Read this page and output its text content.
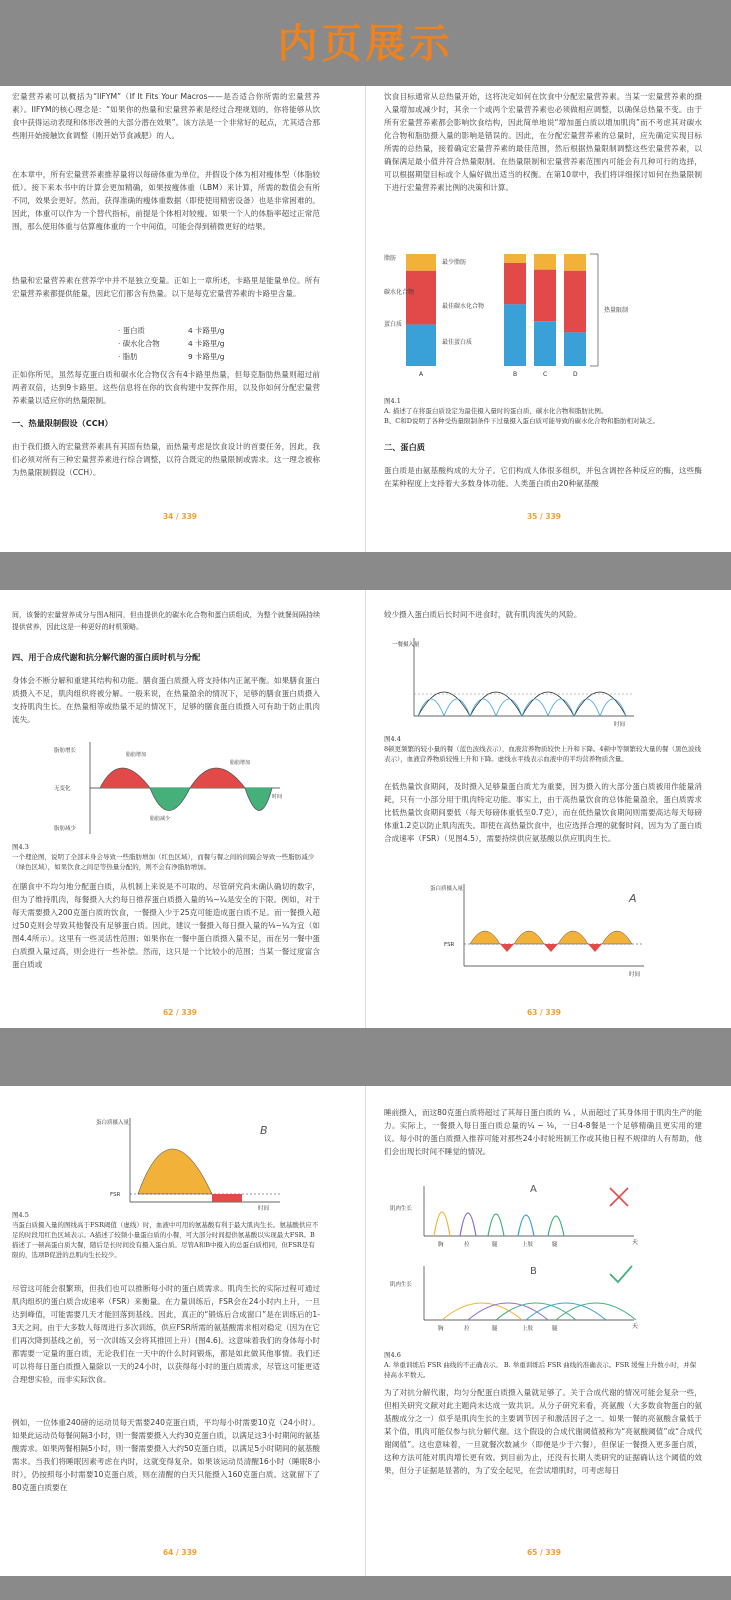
内页展示
宏量营养素可以概括为“IIFYM”（If It Fits Your Macros——是否适合你所需的宏量营养素）。IIFYM的核心理念是：“如果你的热量和宏量营养素是经过合理规划的，你将能够从饮食中获得运动表现和体形改善的大部分潜在效果”。该方法是一个非常好的起点，尤其适合那些刚开始接触饮食调整（刚开始节食减肥）的人。
在本章中，所有宏量营养素推荐量将以每磅体重为单位，并假设个体为相对瘦体型（体脂较低）。接下来本书中的计算会更加精确，如果按瘦体重（LBM）来计算，所需的数值会有所不同，效果会更好。然而，获得准确的瘦体重数据（即使使用精密设备）也是非常困难的。因此，体重可以作为一个替代指标，前提是个体相对较瘦。如果一个人的体脂率超过正常范围，那么使用体重与估算瘦体重的一个中间值，可能会得到稍微更好的结果。
热量和宏量营养素在营养学中并不是独立变量。正如上一章所述，卡路里是能量单位。所有宏量营养素都提供能量，因此它们都含有热量。以下是每克宏量营养素的卡路里含量。
· 蛋白质	4 卡路里/g
· 碳水化合物	4 卡路里/g
· 脂肪	9 卡路里/g
正如你所见，虽然每克蛋白质和碳水化合物仅含有4卡路里热量，但每克脂肪热量则超过前两者双倍，达到9卡路里。这些信息将在你的饮食构建中发挥作用，以及你如何分配宏量营养素量以适应你的热量限制。
一、热量限制假设（CCH）
由于我们摄入的宏量营养素具有其固有热量，而热量考虑是饮食设计的首要任务，因此，我们必须对所有三种宏量营养素进行综合调整，以符合既定的热量限制或需求。这一理念被称为热量限制假设（CCH）。
34 / 339
饮食目标通常从总热量开始，这将决定如何在饮食中分配宏量营养素。当某一宏量营养素的摄入量增加或减少时，其余一个或两个宏量营养素也必须做相应调整，以确保总热量不变。由于所有宏量营养素都会影响饮食结构，因此简单地说“增加蛋白质以增加肌肉”而不考虑其对碳水化合物和脂肪摄入量的影响是错误的。因此，在分配宏量营养素的总量时，应先确定实现目标所需的总热量，接着确定宏量营养素的最佳范围，然后根据热量限制调整这些宏量营养素，以确保满足最小值并符合热量限制。在热量限制和宏量营养素范围内可能会有几种可行的选择，可以根据期望目标或个人偏好做出适当的权衡。在第10章中，我们将详细探讨如何在热量限制下进行宏量营养素比例的决策和计算。
A	B	C	D
脂肪
碳水化合物
蛋白质
最少脂肪
最佳碳水化合物
最佳蛋白质
热量限制
图4.1
A. 描述了在将蛋白质设定为最佳摄入量时的蛋白质、碳水化合物和脂肪比例。
B、C和D说明了各种受热量限制条件下过量摄入蛋白质可能导致的碳水化合物和脂肪相对缺乏。
二、蛋白质
蛋白质是由氨基酸构成的大分子。它们构成人体很多组织，并包含调控各种反应的酶，这些酶在某种程度上支持着大多数身体功能。人类蛋白质由20种氨基酸
35 / 339
间，该餐的宏量营养成分与图A相同，但由提供化的碳水化合物和蛋白质组成，为整个就餐间隔持续提供营养，因此这是一种更好的时机策略。
四、用于合成代谢和抗分解代谢的蛋白质时机与分配
身体会不断分解和重建其结构和功能。膳食蛋白质摄入将支持体内正氮平衡。如果膳食蛋白质摄入不足，肌肉组织将被分解。一般来说，在热量盈余的情况下，足够的膳食蛋白质摄入支持肌肉生长。在热量相等或热量不足的情况下，足够的膳食蛋白质摄入可有助于防止肌肉流失。
脂肪增长
无变化
脂肪减少
脂肪增加
脂肪增加
脂肪减少
时间
图4.3
一个理论图，说明了全部未身会导致一些脂肪增加（红色区域），而餐与餐之间的间隔会导致一些脂肪减少（绿色区域），如果饮食之间是等热量分配的，则不会有净脂肪增加。
在膳食中不均匀地分配蛋白质，从机制上来说是不可取的。尽管研究尚未确认确切的数字，但为了维持肌肉，每餐摄入大约每日推荐蛋白质摄入量的⅛~¼是安全的下限。例如，对于每天需要摄入200克蛋白质的饮食，一餐摄入少于25克可能造成蛋白质不足。而一餐摄入超过50克则会导致其他餐没有足够蛋白质。因此，建议一餐摄入每日摄入量的⅛~¼为宜（如图4.4所示）。这里有一些灵活性范围；如果你在一餐中蛋白质摄入量不足，而在另一餐中蛋白质摄入量过高，则会进行一些补偿。然而，这只是一个比较小的范围；当某一餐过度富含蛋白质或
62 / 339
较少摄入蛋白质后长时间不进食时，就有肌肉流失的风险。
一餐摄入量
时间
图4.4
8顿更频繁的较小量的餐（蓝色波线表示），血液营养物质较快上升和下降。4顿中等频繁较大量的餐（黑色波线表示），血液营养物质较慢上升和下降。虚线水平线表示血液中的平均营养物质含量。
在低热量饮食期间，及时摄入足够量蛋白质尤为重要，因为摄入的大部分蛋白质被用作能量消耗，只有一小部分用于肌肉特定功能。事实上，由于高热量饮食的总体能量盈余，蛋白质需求比低热量饮食期间要低（每天每磅体重低至0.7克），而在低热量饮食期间则需要高达每天每磅体重1.2克以防止肌肉流失。即使在高热量饮食中，也应选择合理的就餐时间，因为为了蛋白质合成速率（FSR）（见图4.5），需要持续供应氨基酸以供应肌肉生长。
蛋白质摄入量
FSR
时间
A
63 / 339
蛋白质摄入量
FSR
时间
B
图4.5
当蛋白质摄入量的图线高于FSR阈值（虚线）时，血液中可用的氨基酸有利于最大肌肉生长。氨基酸供应不足的时段用红色区域表示。A描述了较频小量蛋白质的小餐，可大部分时间提供氨基酸以实现最大FSR。B描述了一顿高蛋白质大餐，随后是长时间没有摄入蛋白质。尽管A和B中摄入的总蛋白质相同，但FSR是有限的，选项B促进的总肌肉生长较少。
尽管这可能会很繁琐，但我们也可以推断每小时的蛋白质需求。肌肉生长的实际过程可通过肌肉组织的蛋白质合成速率（FSR）来衡量。在力量训练后，FSR会在24小时内上升，一旦达到峰值，可能需要几天才能回落到基线。因此，真正的“锻炼后合成窗口”是在训练后的1-3天之间。由于大多数人每周进行多次训练，供应FSR所需的氨基酸需求相对稳定（因为在它们再次降到基线之前，另一次训练又会将其推回上升）(图4.6)。这意味着我们的身体每小时都需要一定量的蛋白质，无论我们在一天中的什么时间锻炼，都是如此做其他事情。我们还可以将每日蛋白质摄入量除以一天的24小时，以获得每小时的蛋白质需求，尽管这可能更适合理想实验，而非实际饮食。
例如，一位体重240磅的运动员每天需要240克蛋白质，平均每小时需要10克（24小时）。如果此运动员每餐间隔3小时，则一餐需要摄入大约30克蛋白质，以满足这3小时期间的氨基酸需求。如果两餐相隔5小时，则一餐需要摄入大约50克蛋白质，以满足5小时期间的氨基酸需求。当我们将睡眠因素考虑在内时，这就变得复杂。如果该运动员清醒16小时（睡眠8小时），仍按照每小时需要10克蛋白质，则在清醒的白天只能摄入160克蛋白质。这就留下了80克蛋白质要在
64 / 339
睡前摄入，而这80克蛋白质将超过了其每日蛋白质的 ¼ ，从而超过了其身体用于肌肉生产的能力。实际上，一餐摄入每日蛋白质总量的¼ ~ ⅛，一日4-8餐是一个足够精确且更实用的建议。每小时的蛋白质摄入推荐可能对那些24小时轮班制工作或其他日程不规律的人有帮助，他们会出现长时间不睡觉的情况。
胸	拉	腿	上肢	腿
胸	拉	腿	上肢	腿
肌肉生长
肌肉生长
天
天
A
B
图4.6
A. 举重训练后 FSR 曲线的不正确表示。 B. 举重训练后 FSR 曲线的准确表示。FSR 缓慢上升数小时，并保持高水平数天。
为了对抗分解代谢，均匀分配蛋白质摄入量就足够了。关于合成代谢的情况可能会复杂一些，但相关研究文献对此主题尚未达成一致共识。从分子研究来看，亮氨酸（大多数食物蛋白的氨基酸成分之一）似乎是肌肉生长的主要调节因子和激活因子之一。如果一餐的亮氨酸含量低于某个值，肌肉可能仅参与抗分解代谢。这个假设的合成代谢阈值被称为“亮氨酸阈值”或“合成代谢阈值”。这也意味着，一旦就餐次数减少（即便是少于六餐），但保证一餐摄入更多蛋白质，这种方法可能对肌肉增长更有效。到目前为止，还没有长期人类研究的证据确认这个阈值的效果，但分子证据是显著的，为了安全起见，在尝试增肌时，可考虑每日
65 / 339
